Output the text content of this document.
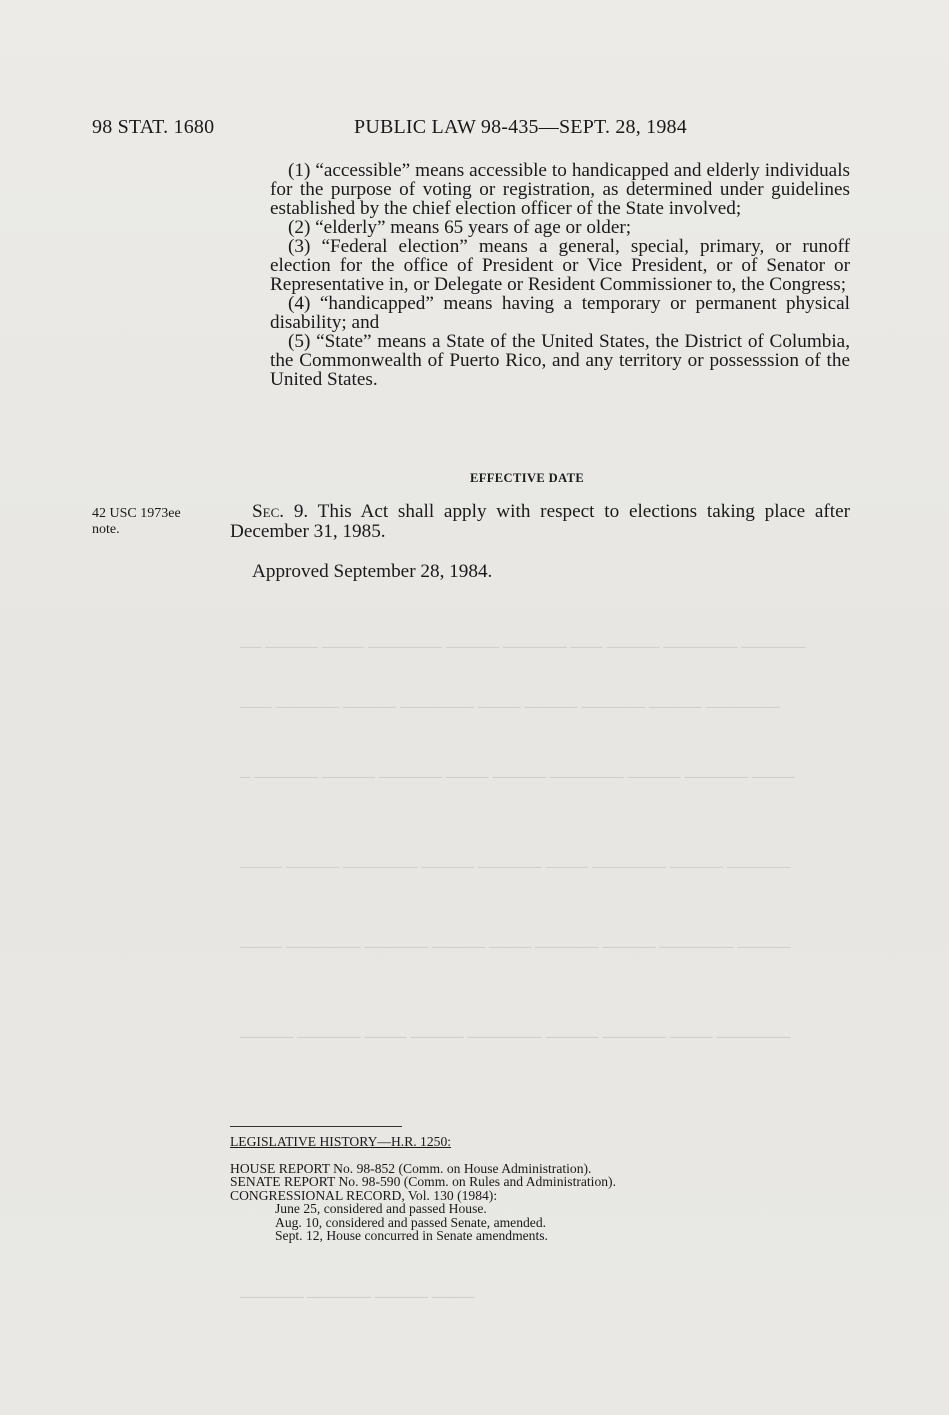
────── ─────── ───── ─── ────── ───── ─────── ──── ───── ──
─────── ───── ────── ───── ──── ─────── ───── ────── ───
──── ────── ───── ─────── ───── ──── ────── ───── ────── ─
────── ───── ─────── ──── ────── ───── ─────── ───── ────
───── ─────── ───── ────── ──── ───── ────── ─────── ────
─────── ──── ────── ───── ─────── ───── ──── ────── ─────
──── ───── ────── ──────
98 STAT. 1680	PUBLIC LAW 98-435—SEPT. 28, 1984

(1) “accessible” means accessible to handicapped and elderly individuals for the purpose of voting or registration, as determined under guidelines established by the chief election officer of the State involved;

(2) “elderly” means 65 years of age or older;

(3) “Federal election” means a general, special, primary, or runoff election for the office of President or Vice President, or of Senator or Representative in, or Delegate or Resident Commissioner to, the Congress;

(4) “handicapped” means having a temporary or permanent physical disability; and

(5) “State” means a State of the United States, the District of Columbia, the Commonwealth of Puerto Rico, and any territory or possesssion of the United States.

EFFECTIVE DATE
42 USC 1973ee
note.

Sec. 9. This Act shall apply with respect to elections taking place after December 31, 1985.

Approved September 28, 1984.
LEGISLATIVE HISTORY—H.R. 1250:
HOUSE REPORT No. 98-852 (Comm. on House Administration).
SENATE REPORT No. 98-590 (Comm. on Rules and Administration).
CONGRESSIONAL RECORD, Vol. 130 (1984):
June 25, considered and passed House.
Aug. 10, considered and passed Senate, amended.
Sept. 12, House concurred in Senate amendments.
